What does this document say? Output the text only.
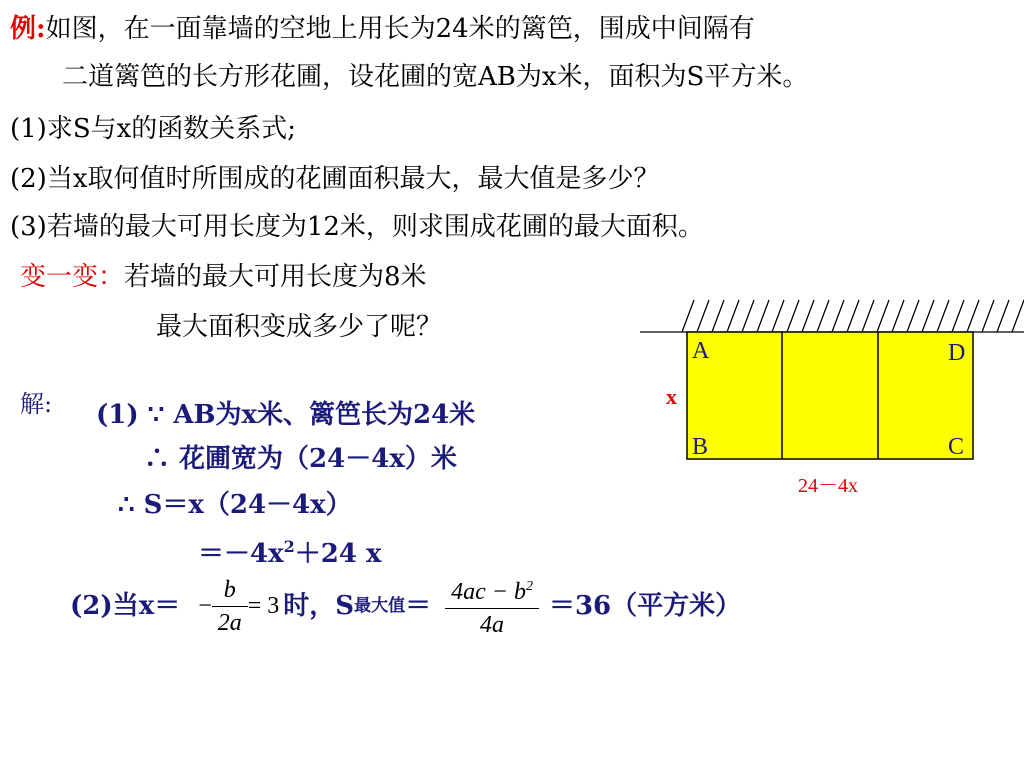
例:如图，在一面靠墙的空地上用长为24米的篱笆，围成中间隔有
二道篱笆的长方形花圃，设花圃的宽AB为x米，面积为S平方米。
(1)求S与x的函数关系式;
(2)当x取何值时所围成的花圃面积最大，最大值是多少？
(3)若墙的最大可用长度为12米，则求围成花圃的最大面积。
变一变：若墙的最大可用长度为8米
最大面积变成多少了呢？
A
B	C
D
x
24－4x
解: (1) ∵ AB为x米、篱笆长为24米
∴ 花圃宽为（24－4x）米
∴ S＝x（24－4x）
$=-4x^2+24$ x
(2)当$x= - \frac{b}{2a} = 3$ 时，S 最大值 ＝ $\frac{4ac - b^2}{4a} =36$（平方米）
